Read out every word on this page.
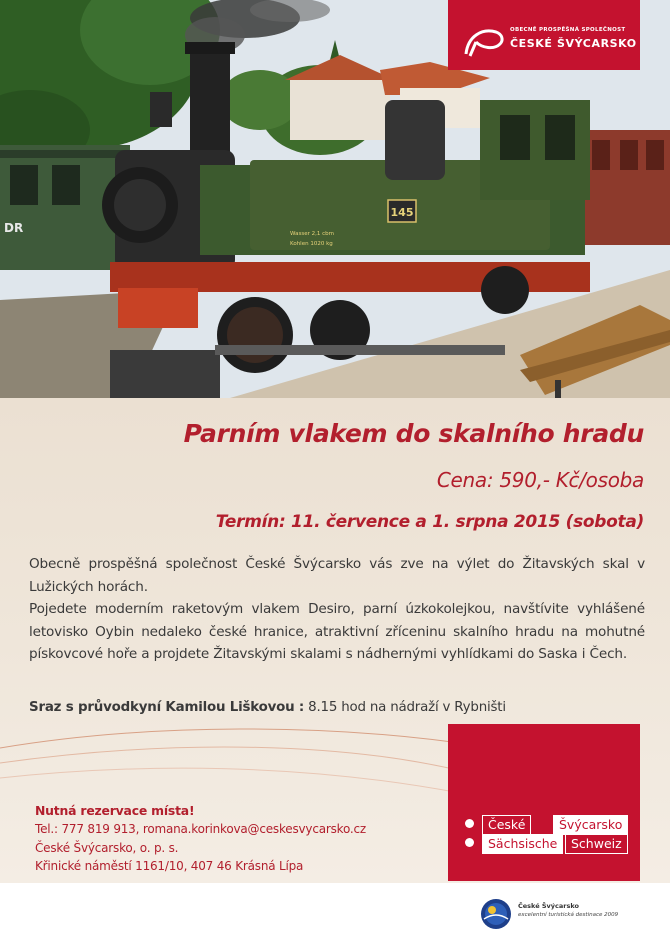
DR
145
Wasser 2,1 cbm
Kohlen 1020 kg
OBECNĚ PROSPĚŠNÁ SPOLEČNOST
ČESKÉ ŠVÝCARSKO
Parním vlakem do skalního hradu
Cena: 590,- Kč/osoba
Termín: 11. července a 1. srpna 2015 (sobota)
Obecně prospěšná společnost České Švýcarsko vás zve na výlet do Žitavských skal v Lužických horách.
Pojedete moderním raketovým vlakem Desiro, parní úzkokolejkou, navštívite vyhlášené letovisko Oybin nedaleko české hranice, atraktivní zříceninu skalního hradu na mohutné pískovcové hoře a projdete Žitavskými skalami s nádhernými vyhlídkami do Saska i Čech.
Sraz s průvodkyní Kamilou Liškovou : 8.15 hod na nádraží v Rybništi
České	Švýcarsko
Sächsische	Schweiz
Nutná rezervace místa!
Tel.: 777 819 913, romana.korinkova@ceskesvycarsko.cz
České Švýcarsko, o. p. s.
Křinické náměstí 1161/10, 407 46 Krásná Lípa
České Švýcarsko
excelentní turistická destinace 2009
